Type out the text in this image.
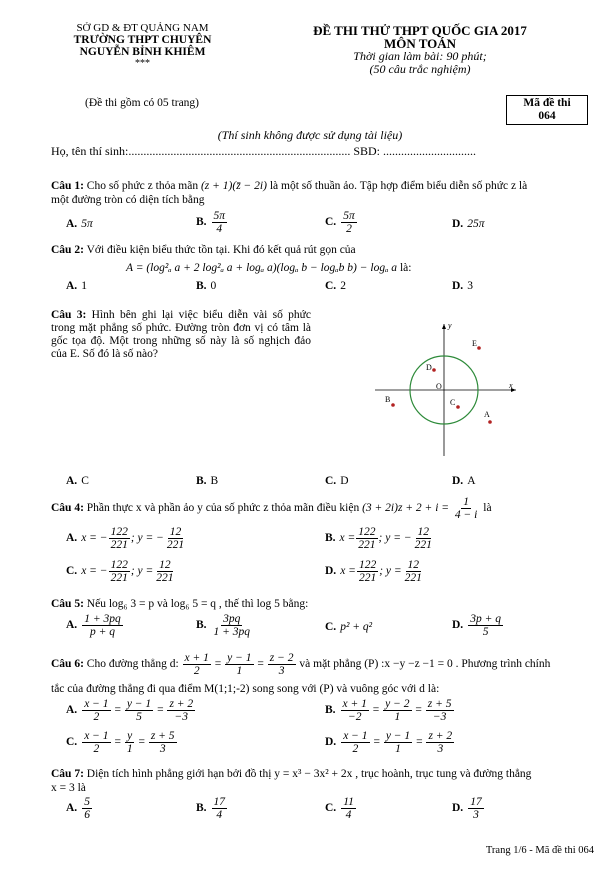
SỞ GD & ĐT QUẢNG NAM
TRƯỜNG THPT CHUYÊN
NGUYỄN BỈNH KHIÊM
***
ĐỀ THI THỬ THPT QUỐC GIA 2017
MÔN TOÁN
Thời gian làm bài: 90 phút;
(50 câu trắc nghiệm)
(Đề thi gồm có 05 trang)	Mã đề thi
064
(Thí sinh không được sử dụng tài liệu)
Họ, tên thí sinh:.......................................................................... SBD: ...............................
Câu 1: Cho số phức z thỏa mãn (z + 1)(z̄ − 2i) là một số thuần ảo. Tập hợp điểm biểu diễn số phức z là
một đường tròn có diện tích bằng
A. 5π	B. $\frac{5\pi}{4}$	C. $\frac{5\pi}{2}$	D. 25π
Câu 2: Với điều kiện biểu thức tồn tại. Khi đó kết quả rút gọn của
A = (log²ₐ a + 2 log²ₐ a + logₐ a)(logₐ b − logₐb b) − logₐ a là:
A. 1	B. 0	C. 2	D. 3
Câu 3: Hình bên ghi lại việc biểu diễn vài số phức trong mặt phẳng số phức. Đường tròn đơn vị có tâm là gốc tọa độ. Một trong những số này là số nghịch đảo của E. Số đó là số nào?
y
x
O
E
D
B	C
A
A. C	B. B	C. D	D. A
Câu 4: Phần thực x và phần ảo y của số phức z thỏa mãn điều kiện $(3 + 2i)z + 2 + i = \frac{1}{4 - i}$ là
A. x = − $\frac{122}{221}$ ; y = − $\frac{12}{221}$	B. $x = \frac{122}{221}$ ; y = − $\frac{12}{221}$
C. x = − $\frac{122}{221}$ ; $y = \frac{12}{221}$	D. $x = \frac{122}{221}$ ; $y = \frac{12}{221}$
Câu 5: Nếu log₆ 3 = p và log₆ 5 = q , thế thì log 5 bằng:
A. $\frac{1 + 3pq}{p + q}$	B. $\frac{3pq}{1 + 3pq}$	C. p² + q²	D. $\frac{3p + q}{5}$
Câu 6: Cho đường thẳng d: $\frac{x + 1}{2} = \frac{y - 1}{1} = \frac{z - 2}{3}$ và mặt phẳng (P) :x −y −z −1 = 0 . Phương trình chính
tắc của đường thẳng đi qua điểm M(1;1;-2) song song với (P) và vuông góc với d là:
A. $\frac{x - 1}{2} = \frac{y - 1}{5} = \frac{z + 2}{-3}$	B. $\frac{x + 1}{-2} = \frac{y - 2}{1} = \frac{z + 5}{-3}$
C. $\frac{x - 1}{2} = \frac{y}{1} = \frac{z + 5}{3}$	D. $\frac{x - 1}{2} = \frac{y - 1}{1} = \frac{z + 2}{3}$
Câu 7: Diện tích hình phẳng giới hạn bởi đồ thị y = x³ − 3x² + 2x , trục hoành, trục tung và đường thẳng
x = 3 là
A. $\frac{5}{6}$	B. $\frac{17}{4}$	C. $\frac{11}{4}$	D. $\frac{17}{3}$
Trang 1/6 - Mã đề thi 064
